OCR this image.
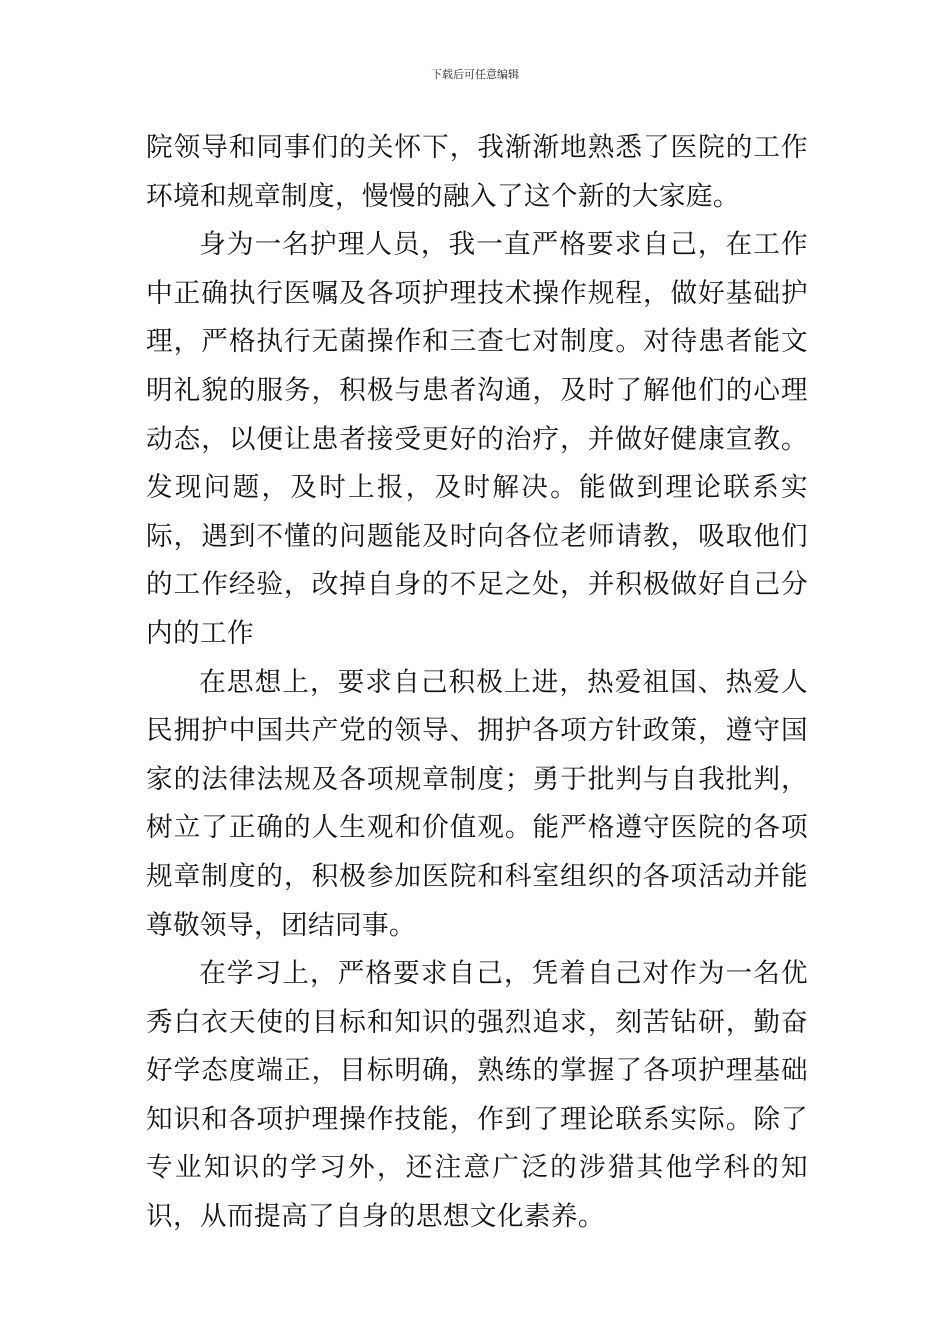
下载后可任意编辑

院领导和同事们的关怀下，我渐渐地熟悉了医院的工作环境和规章制度，慢慢的融入了这个新的大家庭。

身为一名护理人员，我一直严格要求自己，在工作中正确执行医嘱及各项护理技术操作规程，做好基础护理，严格执行无菌操作和三查七对制度。对待患者能文明礼貌的服务，积极与患者沟通，及时了解他们的心理动态，以便让患者接受更好的治疗，并做好健康宣教。发现问题，及时上报，及时解决。能做到理论联系实际，遇到不懂的问题能及时向各位老师请教，吸取他们的工作经验，改掉自身的不足之处，并积极做好自己分内的工作

在思想上，要求自己积极上进，热爱祖国、热爱人民拥护中国共产党的领导、拥护各项方针政策，遵守国家的法律法规及各项规章制度；勇于批判与自我批判，树立了正确的人生观和价值观。能严格遵守医院的各项规章制度的，积极参加医院和科室组织的各项活动并能尊敬领导，团结同事。

在学习上，严格要求自己，凭着自己对作为一名优秀白衣天使的目标和知识的强烈追求，刻苦钻研，勤奋好学态度端正，目标明确，熟练的掌握了各项护理基础知识和各项护理操作技能，作到了理论联系实际。除了专业知识的学习外，还注意广泛的涉猎其他学科的知识，从而提高了自身的思想文化素养。
